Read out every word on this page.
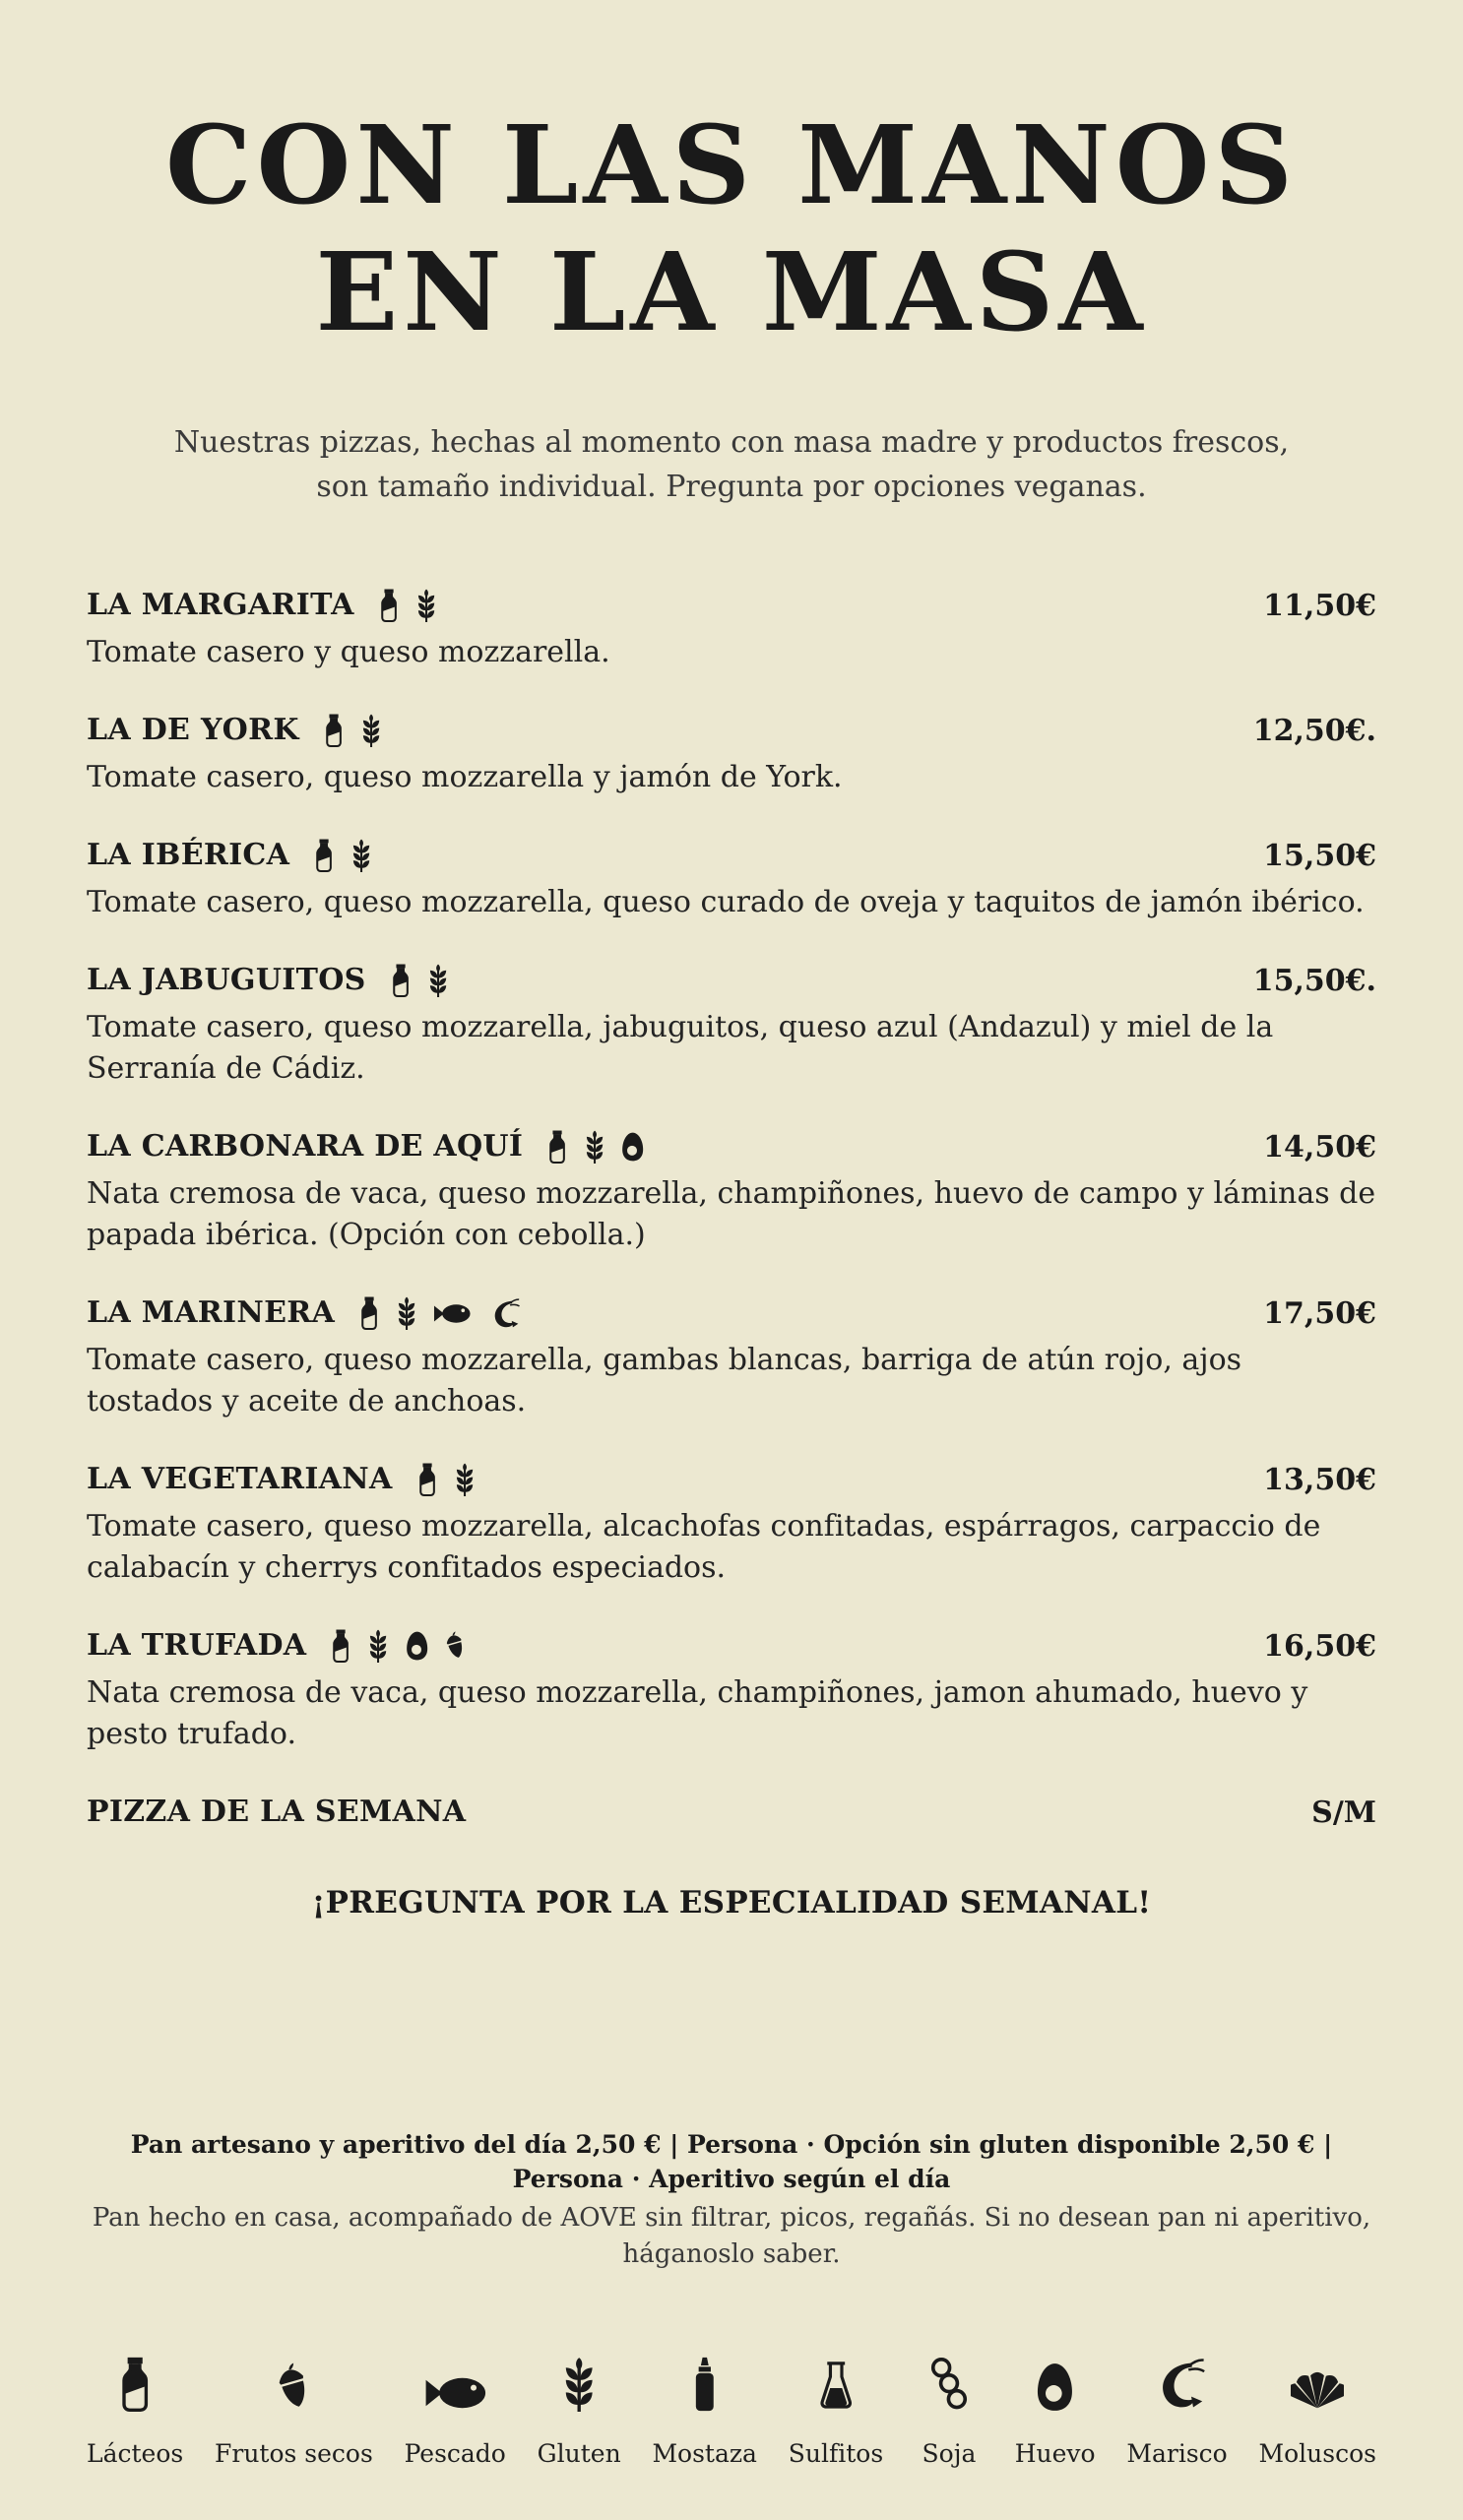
CON LAS MANOS
EN LA MASA

Nuestras pizzas, hechas al momento con masa madre y productos frescos,
son tamaño individual. Pregunta por opciones veganas.

LA MARGARITA	11,50€

Tomate casero y queso mozzarella.

LA DE YORK	12,50€.

Tomate casero, queso mozzarella y jamón de York.

LA IBÉRICA	15,50€

Tomate casero, queso mozzarella, queso curado de oveja y taquitos de jamón ibérico.

LA JABUGUITOS	15,50€.

Tomate casero, queso mozzarella, jabuguitos, queso azul (Andazul) y miel de la Serranía de Cádiz.

LA CARBONARA DE AQUÍ	14,50€

Nata cremosa de vaca, queso mozzarella, champiñones, huevo de campo y láminas de papada ibérica. (Opción con cebolla.)

LA MARINERA	17,50€

Tomate casero, queso mozzarella, gambas blancas, barriga de atún rojo, ajos tostados y aceite de anchoas.

LA VEGETARIANA	13,50€

Tomate casero, queso mozzarella, alcachofas confitadas, espárragos, carpaccio de calabacín y cherrys confitados especiados.

LA TRUFADA	16,50€

Nata cremosa de vaca, queso mozzarella, champiñones, jamon ahumado, huevo y pesto trufado.

PIZZA DE LA SEMANA	S/M

¡PREGUNTA POR LA ESPECIALIDAD SEMANAL!

Pan artesano y aperitivo del día 2,50 € | Persona · Opción sin gluten disponible 2,50 € | Persona · Aperitivo según el día

Pan hecho en casa, acompañado de AOVE sin filtrar, picos, regañás. Si no desean pan ni aperitivo, háganoslo saber.

Lácteos Frutos secos Pescado Gluten Mostaza Sulfitos Soja Huevo Marisco Moluscos
